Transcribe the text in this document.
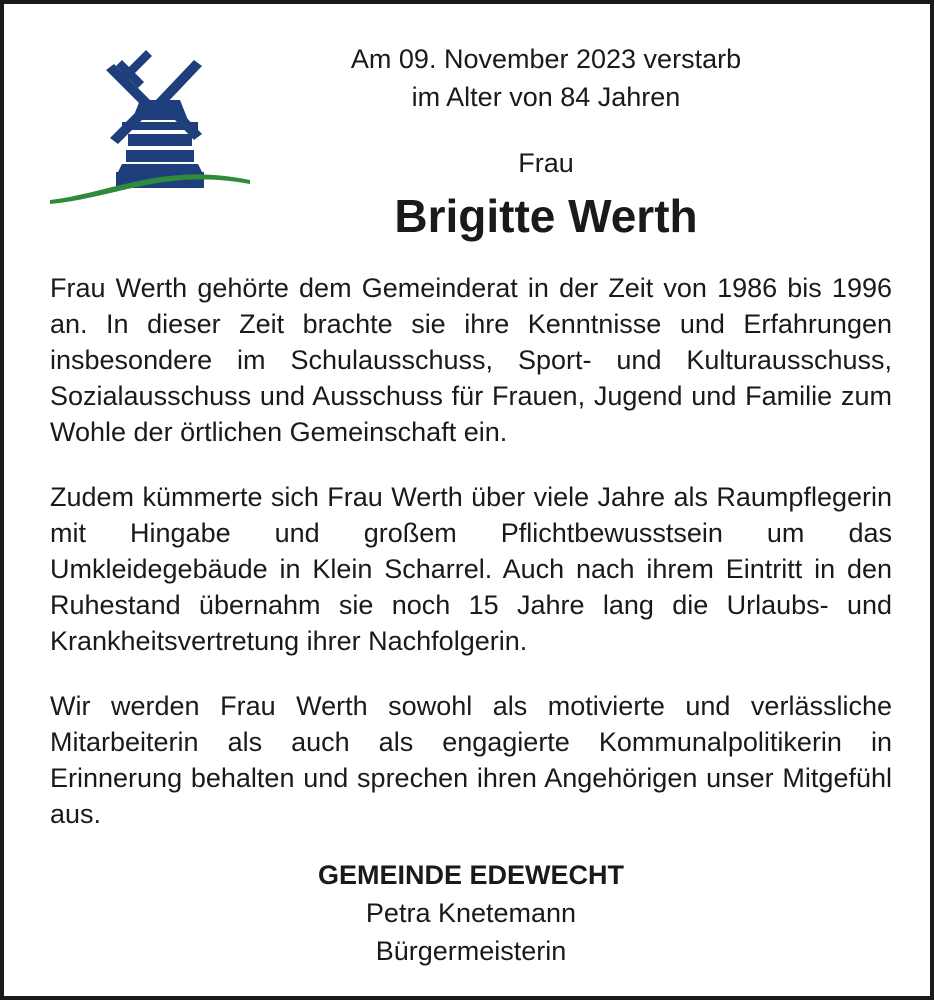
Am 09. November 2023 verstarb
im Alter von 84 Jahren
Frau
Brigitte Werth

Frau Werth gehörte dem Gemeinderat in der Zeit von 1986 bis 1996 an. In dieser Zeit brachte sie ihre Kenntnisse und Erfahrungen insbesondere im Schulausschuss, Sport- und Kulturausschuss, Sozialausschuss und Ausschuss für Frauen, Jugend und Familie zum Wohle der örtlichen Gemeinschaft ein.

Zudem kümmerte sich Frau Werth über viele Jahre als Raumpflegerin mit Hingabe und großem Pflichtbewusstsein um das Umkleidegebäude in Klein Scharrel. Auch nach ihrem Eintritt in den Ruhestand übernahm sie noch 15 Jahre lang die Urlaubs- und Krankheitsvertretung ihrer Nachfolgerin.

Wir werden Frau Werth sowohl als motivierte und verlässliche Mitarbeiterin als auch als engagierte Kommunalpolitikerin in Erinnerung behalten und sprechen ihren Angehörigen unser Mitgefühl aus.

GEMEINDE EDEWECHT
Petra Knetemann
Bürgermeisterin
